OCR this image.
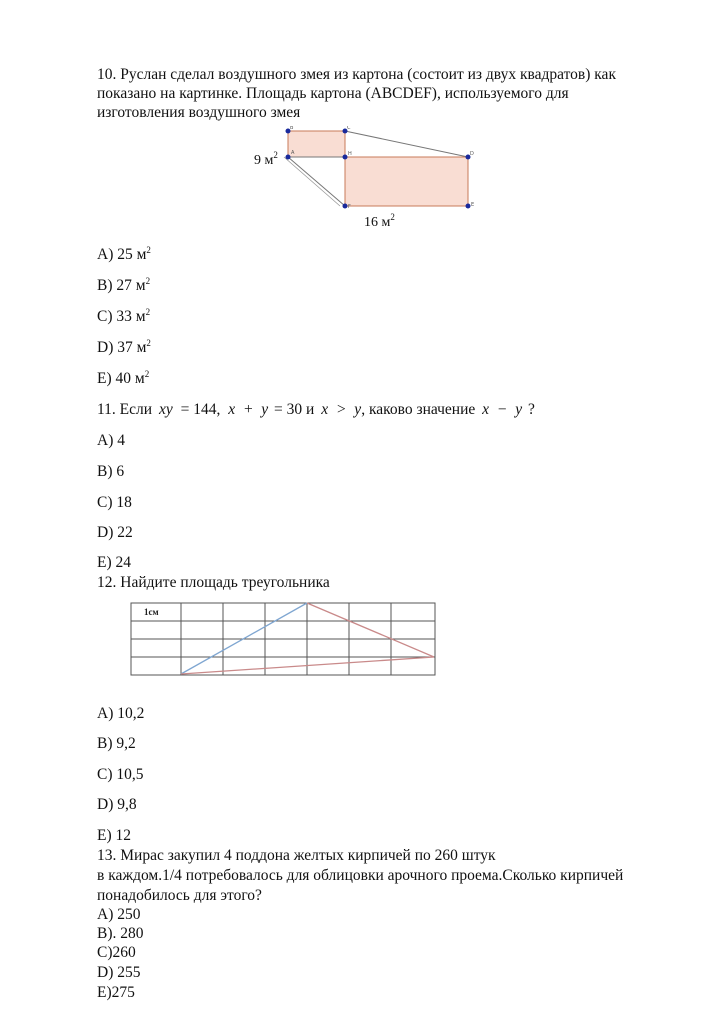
10. Руслан сделал воздушного змея из картона (состоит из двух квадратов) как
показано на картинке. Площадь картона (ABCDEF), используемого для
изготовления воздушного змея
A
B	C
H	D
E
F
9 $м^2$
16 $м^2$
A) 25 $м^2$
B) 27 $м^2$
C) 33 $м^2$
D) 37 $м^2$
E) 40 $м^2$
11. Если xy = 144, x + y = 30 и x > y, каково значение x − y ?
A) 4
B) 6
C) 18
D) 22
E) 24
12. Найдите площадь треугольника
1см
A) 10,2
B) 9,2
C) 10,5
D) 9,8
E) 12
13. Мирас закупил 4 поддона желтых кирпичей по 260 штук
в каждом.1/4 потребовалось для облицовки арочного проема.Сколько кирпичей
понадобилось для этого?
A) 250
B). 280
C)260
D) 255
E)275
